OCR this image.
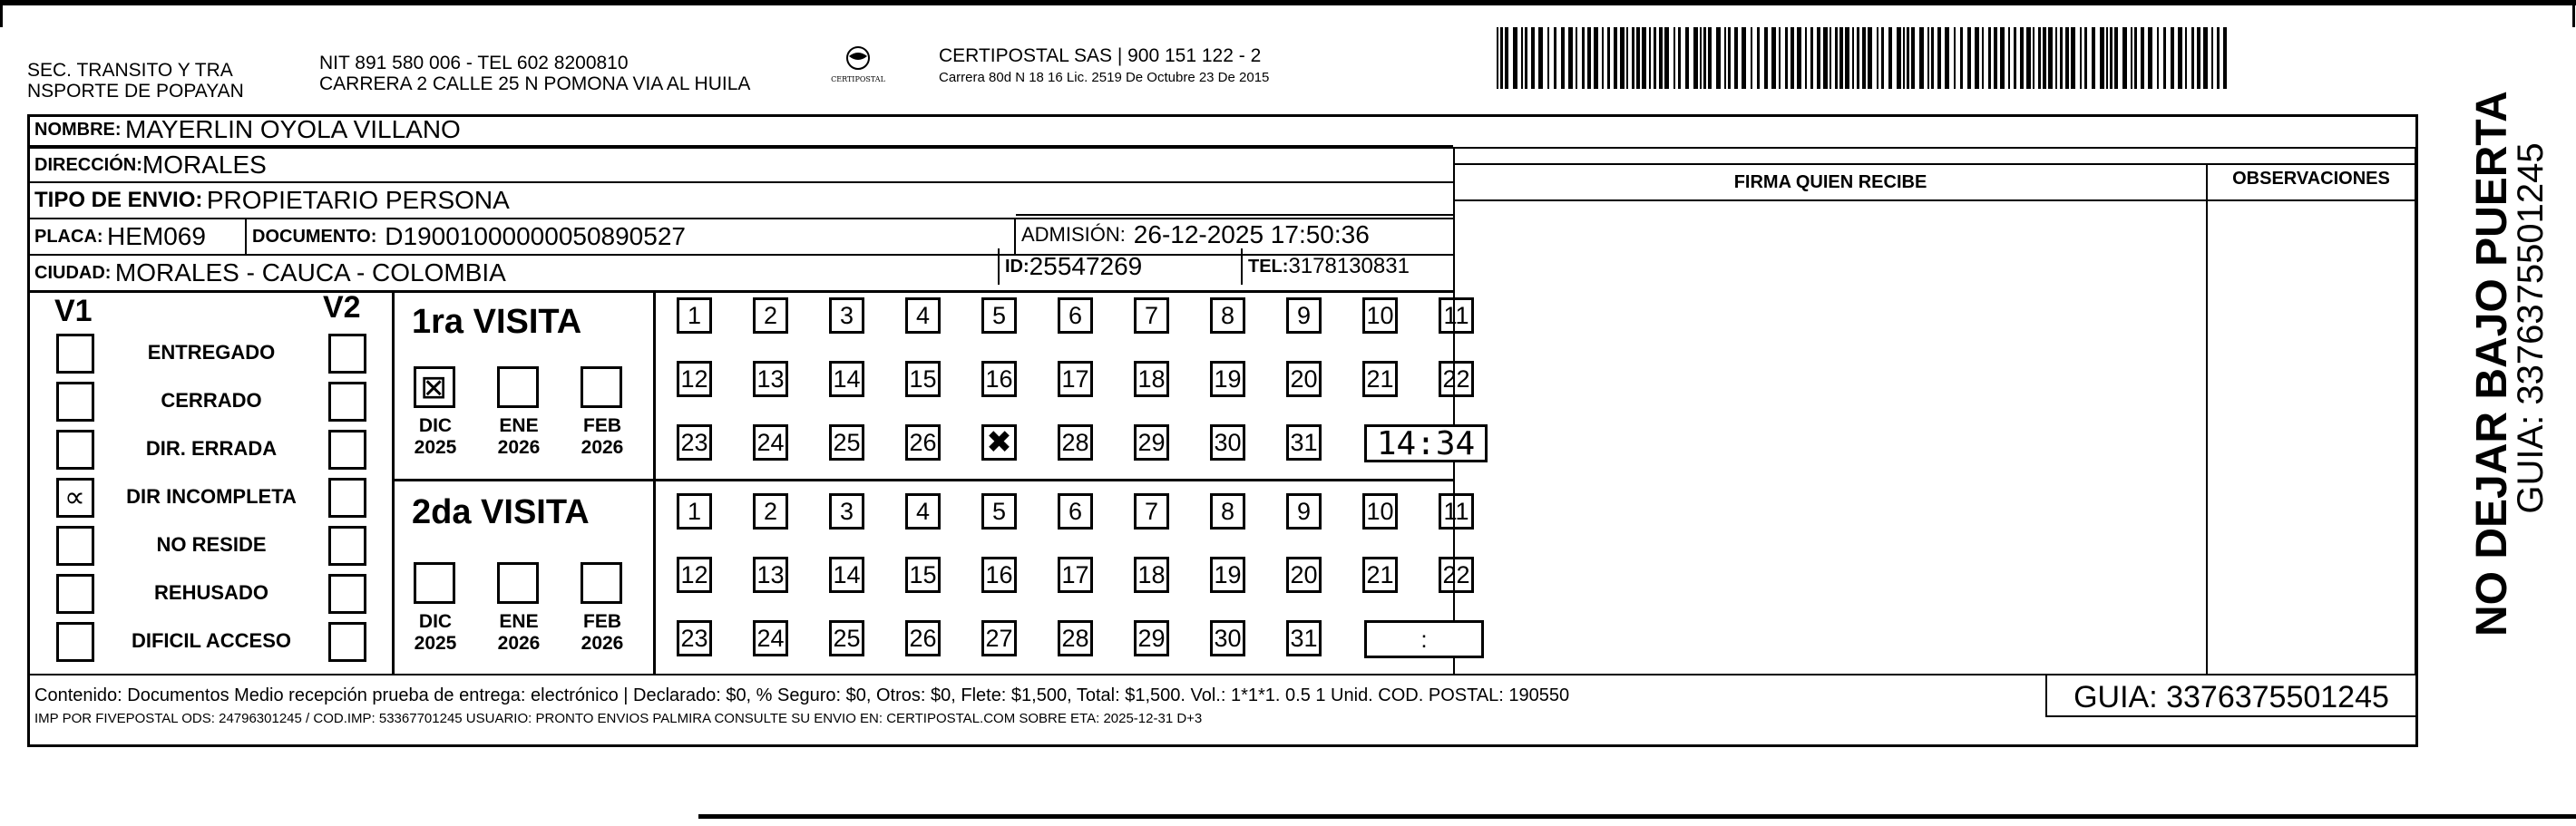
SEC. TRANSITO Y TRA
NSPORTE DE POPAYAN
NIT 891 580 006 - TEL 602 8200810
CARRERA 2 CALLE 25 N POMONA VIA AL HUILA	CERTIPOSTAL
CERTIPOSTAL SAS | 900 151 122 - 2
Carrera 80d N 18 16 Lic. 2519 De Octubre 23 De 2015
FIRMA QUIEN RECIBE	OBSERVACIONES
NOMBRE:
MAYERLIN OYOLA VILLANO
DIRECCIÓN: MORALES
TIPO DE ENVIO:
PROPIETARIO PERSONA
PLACA:
HEM069	DOCUMENTO:
D19001000000050890527	ADMISIÓN:
26-12-2025 17:50:36
CIUDAD:
MORALES - CAUCA - COLOMBIA	ID: 25547269	TEL: 3178130831
V1	V2
ENTREGADO
CERRADO
DIR. ERRADA
∝	DIR INCOMPLETA
NO RESIDE
REHUSADO
DIFICIL ACCESO
1ra VISITA
2da VISITA
⊠
DIC
2025
ENE
2026
FEB
2026
DIC
2025
ENE
2026
FEB
2026
1	2	3	4	5	6	7	8	9	10 11
12 13 14 15 16 17 18 19 20 21 22
23 24 25 26 ✖ 28 29 30 31	14:34
1	2	3	4	5	6	7	8	9	10 11
12 13 14 15 16 17 18 19 20 21 22
23 24 25 26 27 28 29 30 31	:
Contenido: Documentos Medio recepción prueba de entrega: electrónico | Declarado: $0, % Seguro: $0, Otros: $0, Flete: $1,500, Total: $1,500. Vol.: 1*1*1. 0.5 1 Unid. COD. POSTAL: 190550
IMP POR FIVEPOSTAL ODS: 24796301245 / COD.IMP: 53367701245 USUARIO: PRONTO ENVIOS PALMIRA CONSULTE SU ENVIO EN: CERTIPOSTAL.COM SOBRE ETA: 2025-12-31 D+3
GUIA: 3376375501245
NO DEJAR BAJO PUERTA
GUIA: 3376375501245
